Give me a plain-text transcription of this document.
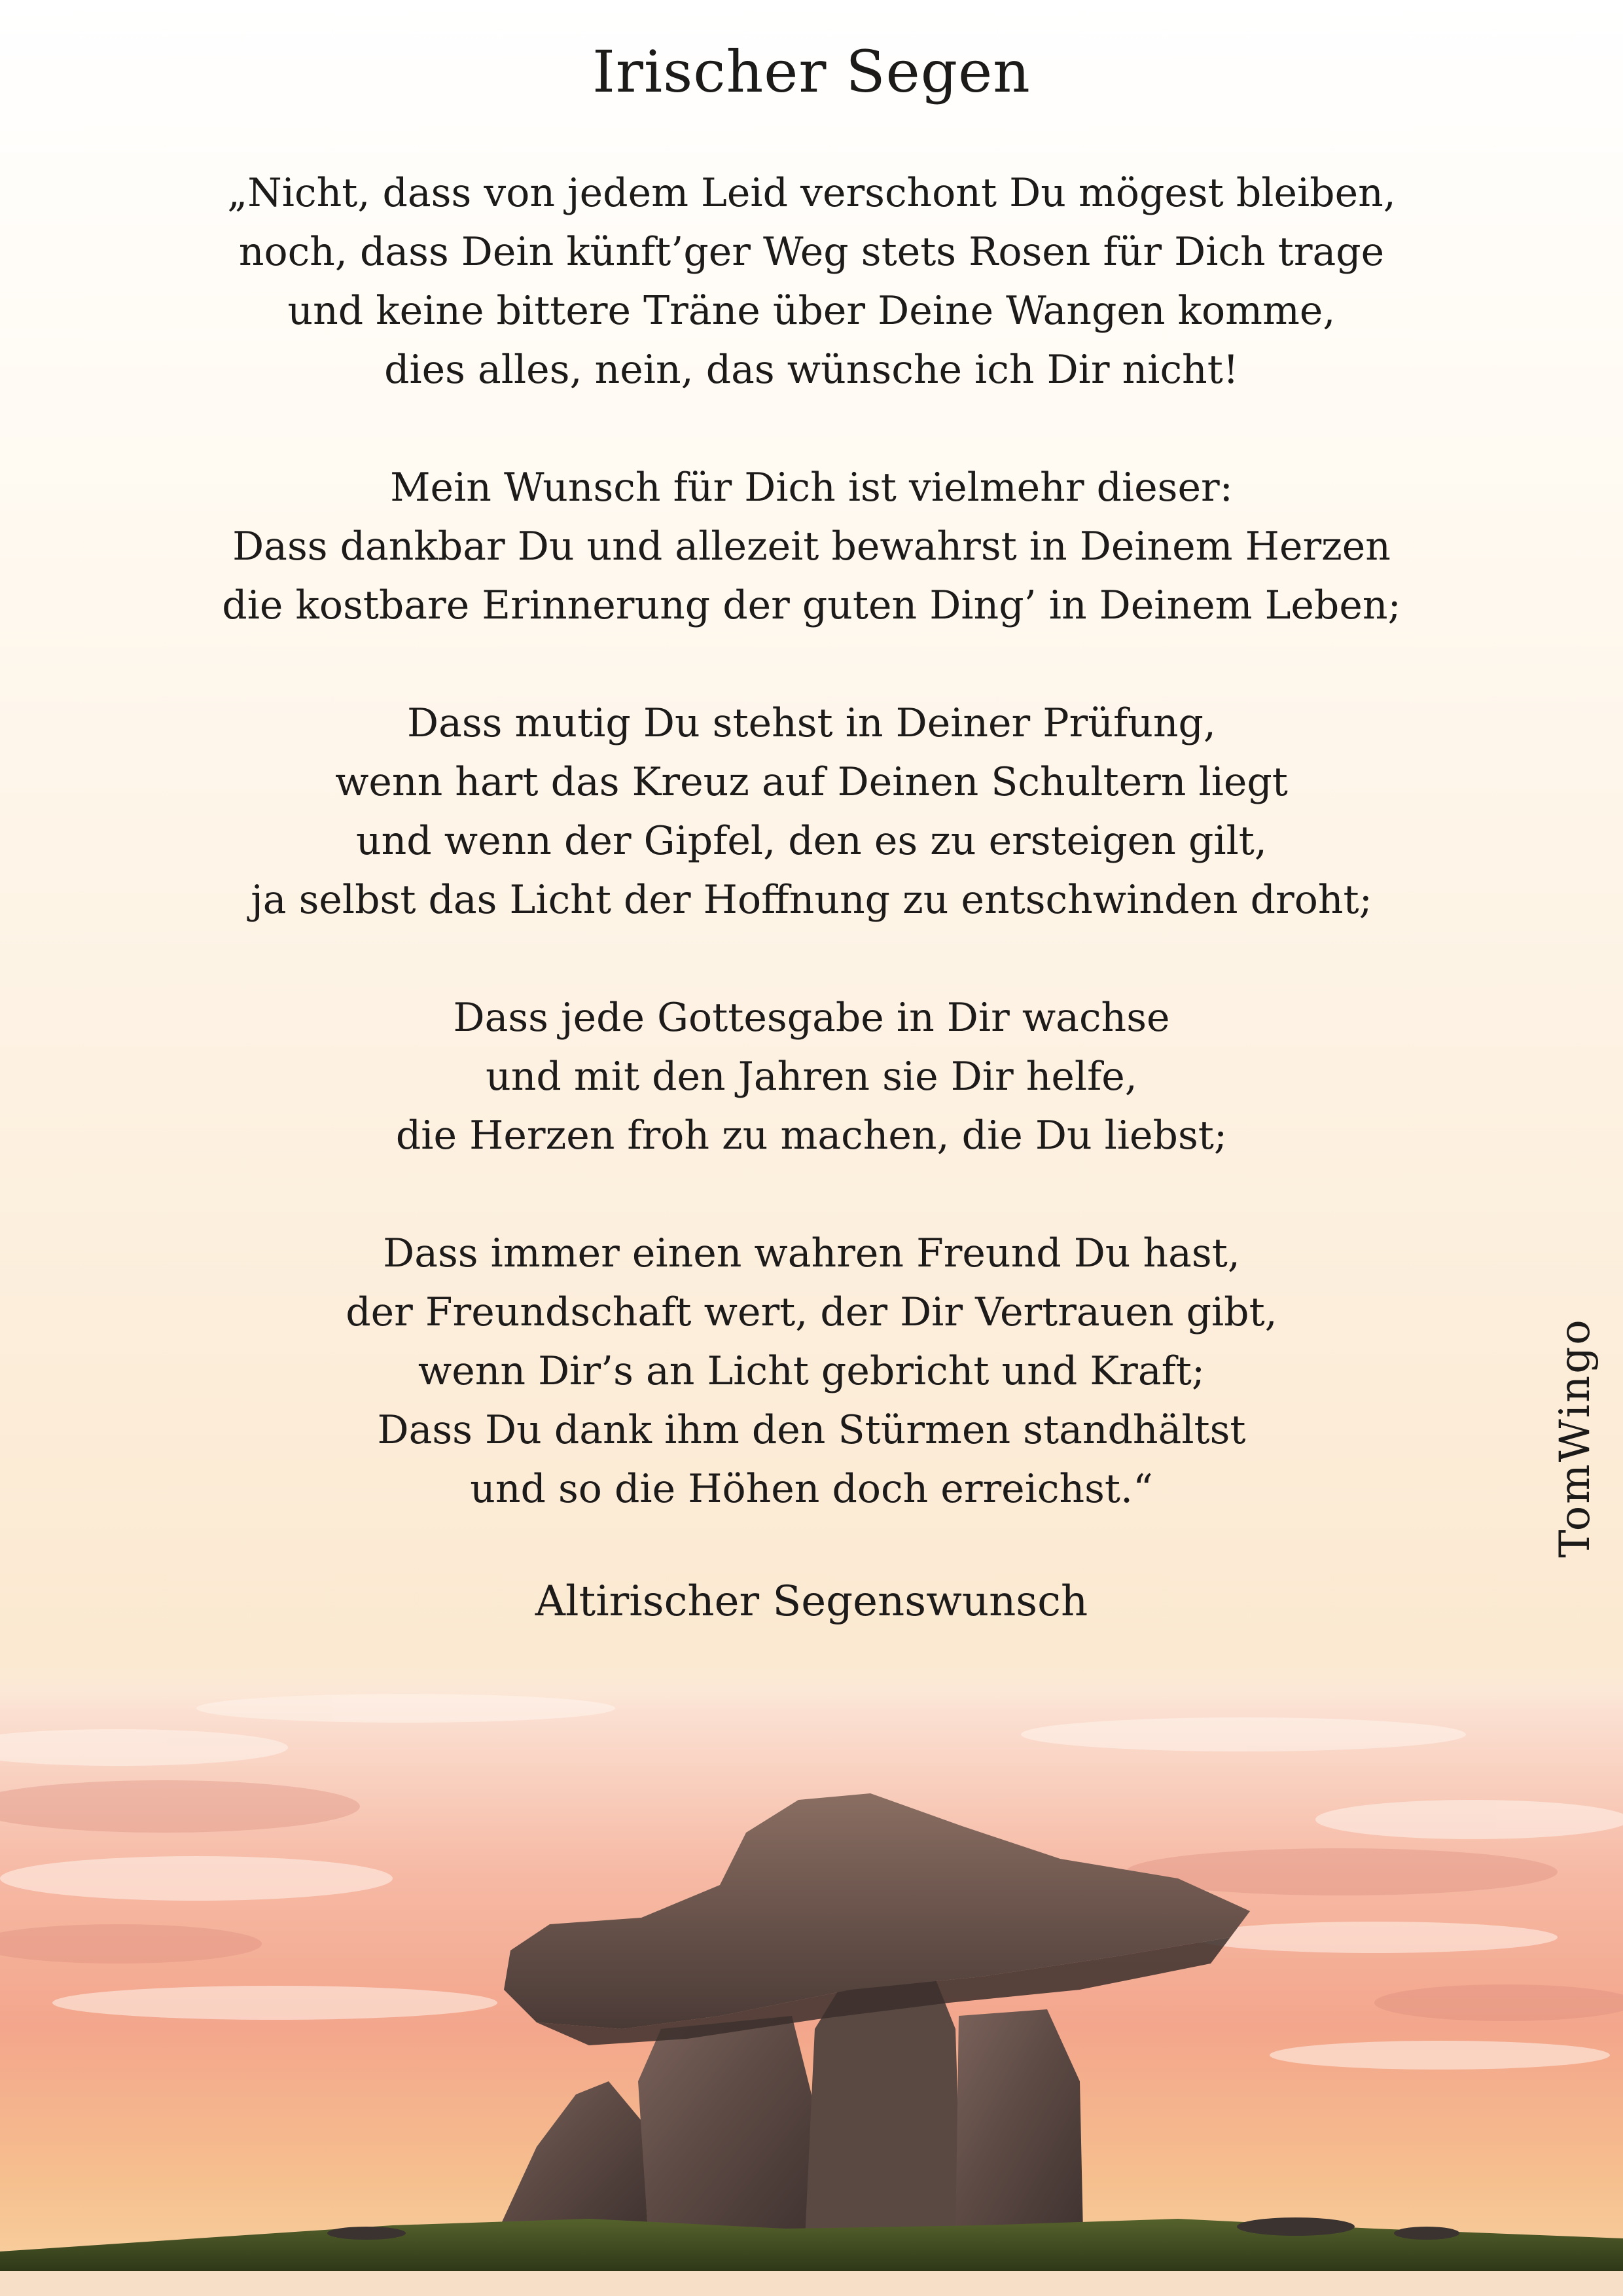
Irischer Segen
„Nicht, dass von jedem Leid verschont Du mögest bleiben,
noch, dass Dein künft’ger Weg stets Rosen für Dich trage
und keine bittere Träne über Deine Wangen komme,
dies alles, nein, das wünsche ich Dir nicht!
Mein Wunsch für Dich ist vielmehr dieser:
Dass dankbar Du und allezeit bewahrst in Deinem Herzen
die kostbare Erinnerung der guten Ding’ in Deinem Leben;
Dass mutig Du stehst in Deiner Prüfung,
wenn hart das Kreuz auf Deinen Schultern liegt
und wenn der Gipfel, den es zu ersteigen gilt,
ja selbst das Licht der Hoffnung zu entschwinden droht;
Dass jede Gottesgabe in Dir wachse
und mit den Jahren sie Dir helfe,
die Herzen froh zu machen, die Du liebst;
Dass immer einen wahren Freund Du hast,
der Freundschaft wert, der Dir Vertrauen gibt,
wenn Dir’s an Licht gebricht und Kraft;
Dass Du dank ihm den Stürmen standhältst
und so die Höhen doch erreichst.“
Altirischer Segenswunsch
TomWingo
